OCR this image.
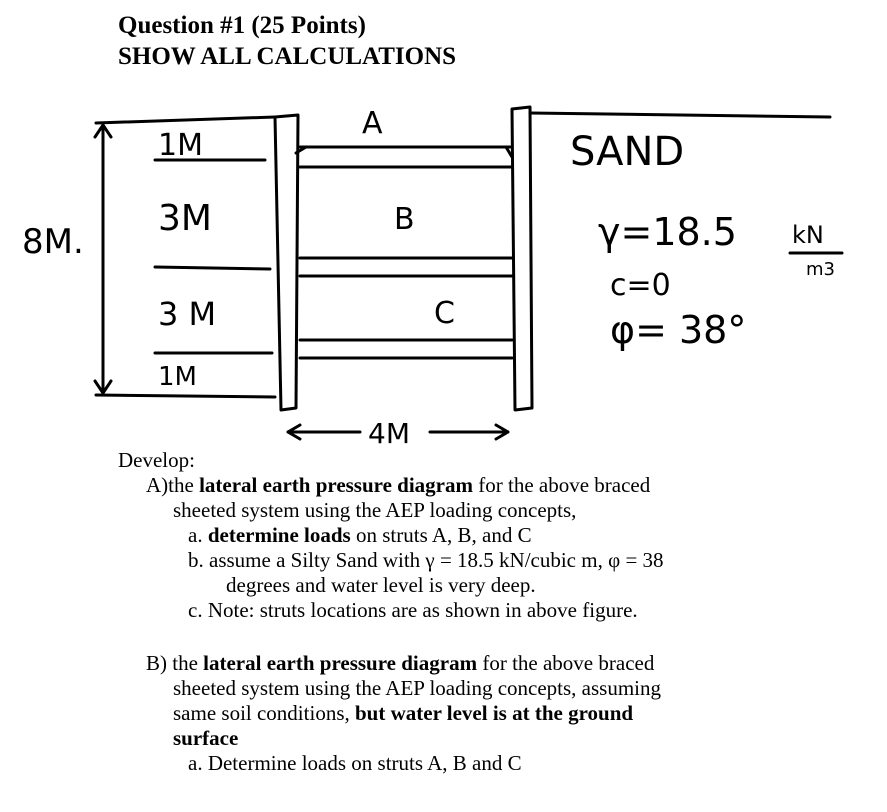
Question #1 (25 Points)
SHOW ALL CALCULATIONS
A
B
C
1M
3M
3 M
1M
8M.
SAND
γ=18.5 kN
m3
c=0
φ= 38°
4M
Develop:
A)the lateral earth pressure diagram for the above braced
sheeted system using the AEP loading concepts,
a. determine loads on struts A, B, and C
b. assume a Silty Sand with γ = 18.5 kN/cubic m, φ = 38
degrees and water level is very deep.
c. Note: struts locations are as shown in above figure.
B) the lateral earth pressure diagram for the above braced
sheeted system using the AEP loading concepts, assuming
same soil conditions, but water level is at the ground
surface
a. Determine loads on struts A, B and C
